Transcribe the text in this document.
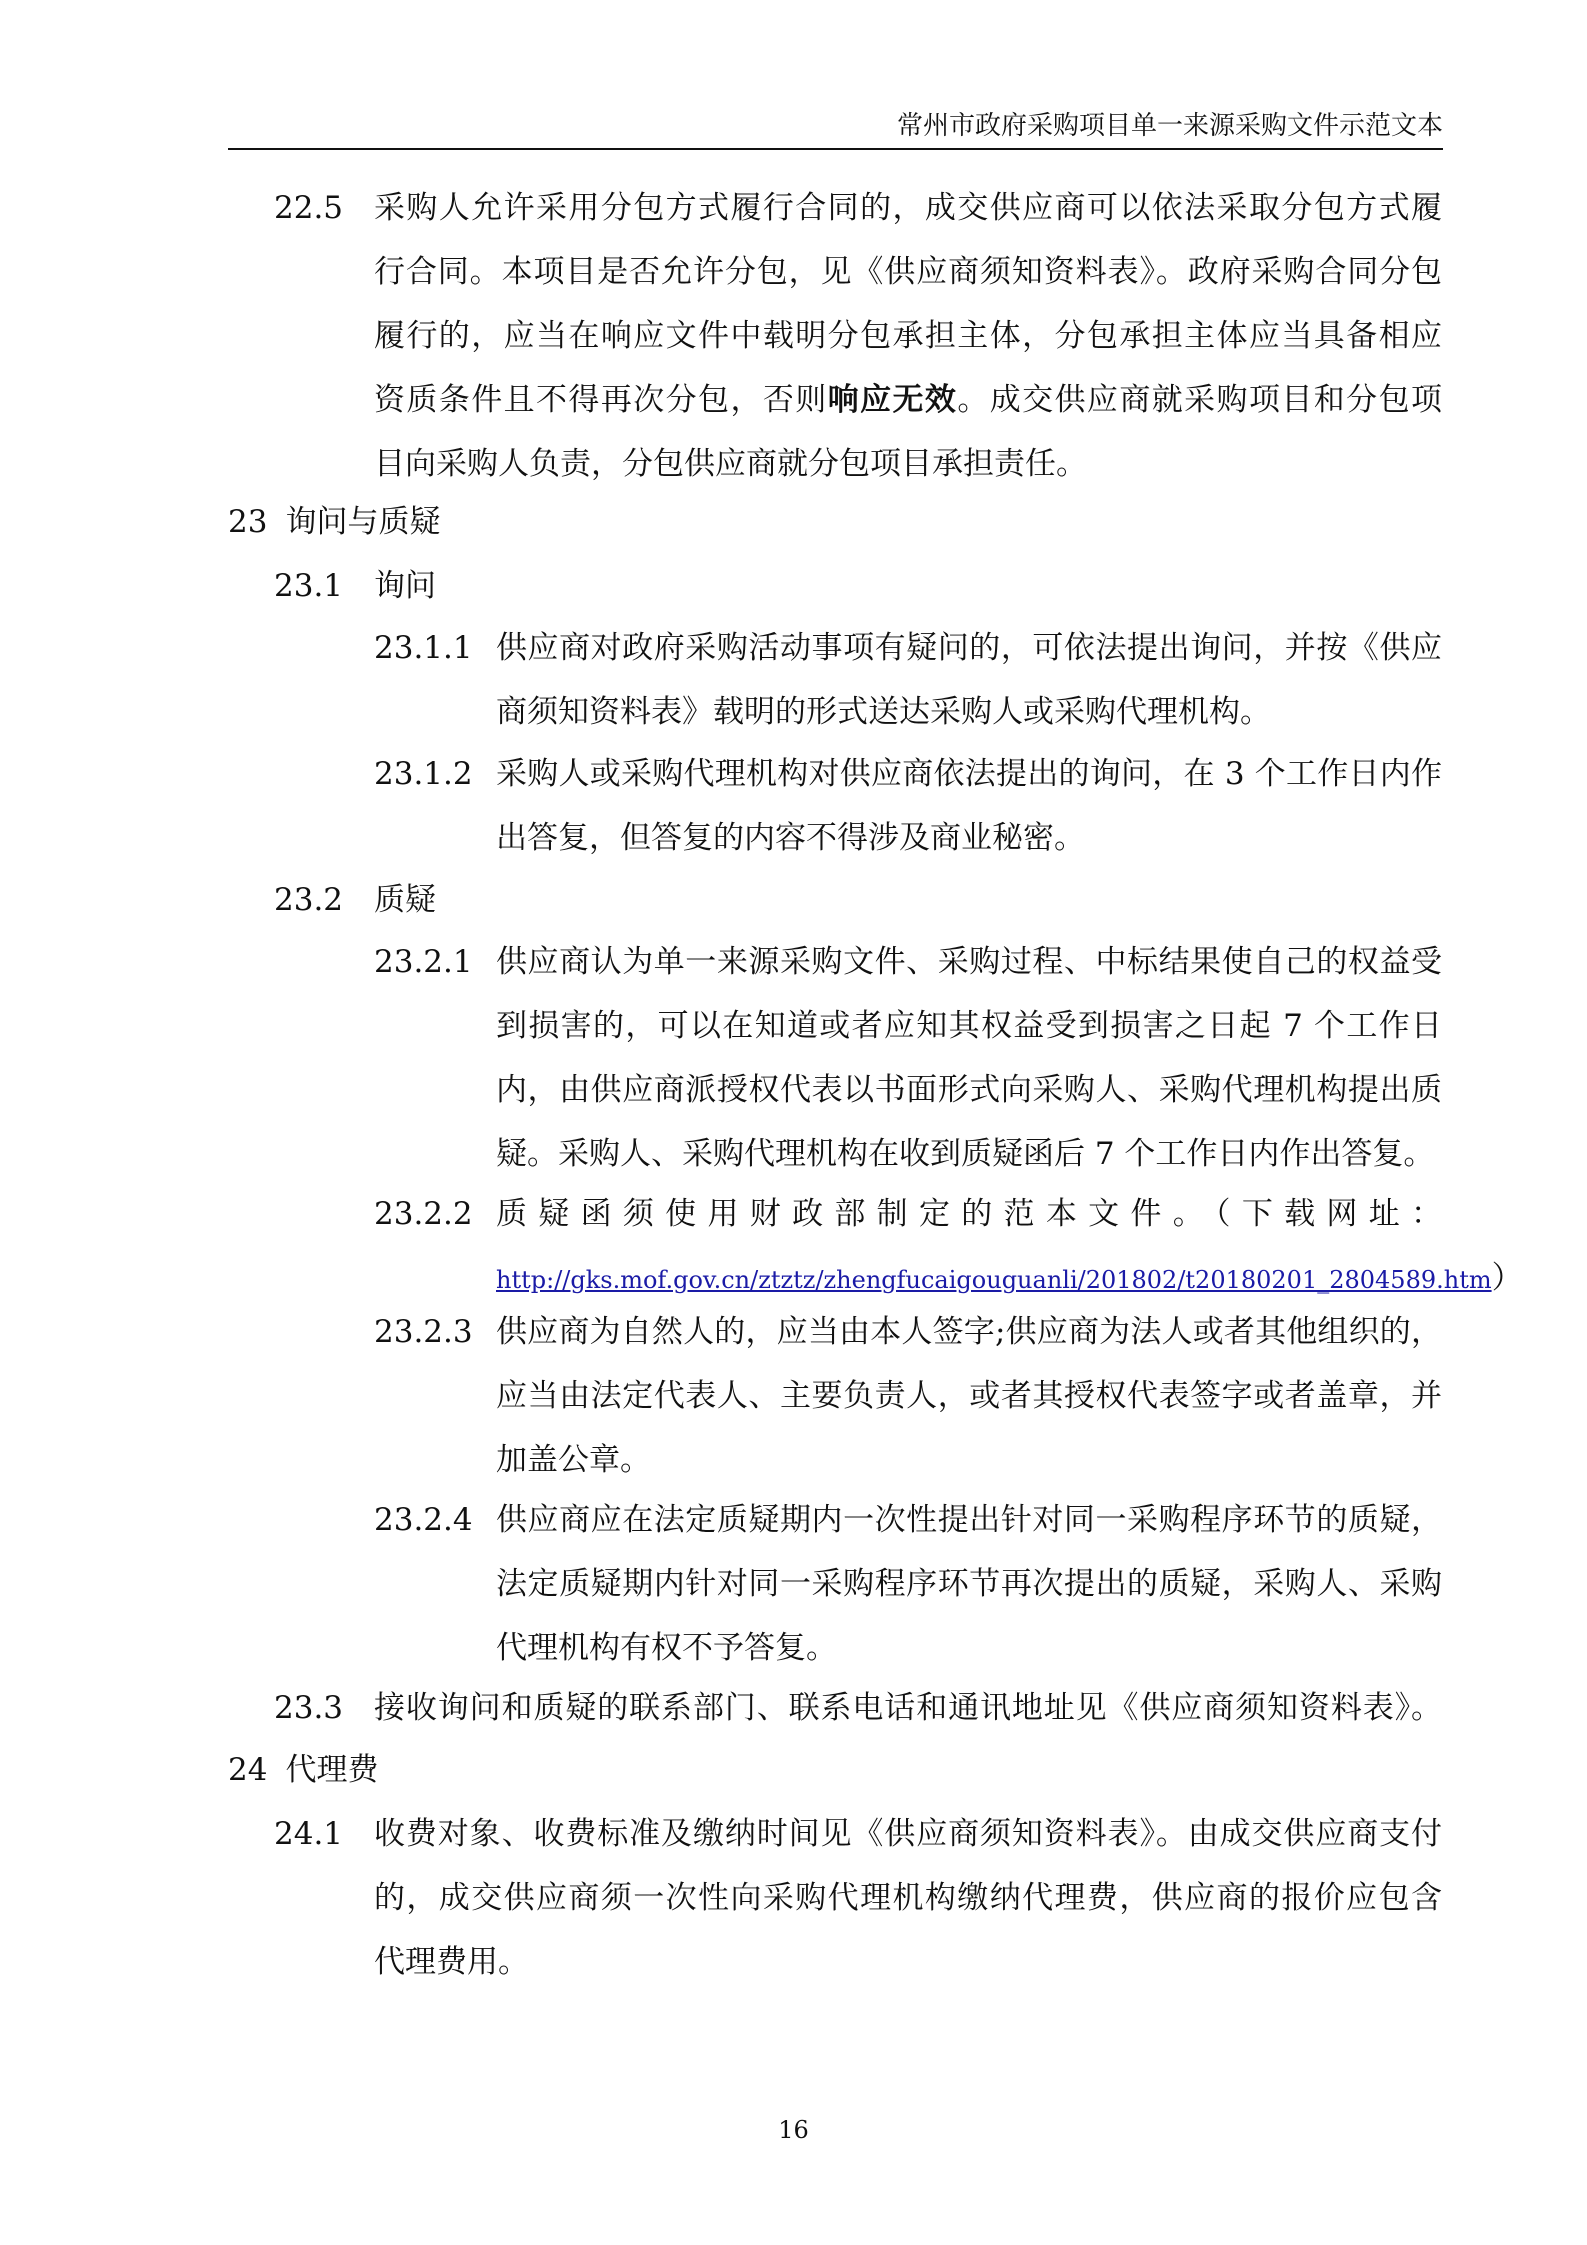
常州市政府采购项目单一来源采购文件示范文本
22.5 采购人允许采用分包方式履行合同的，成交供应商可以依法采取分包方式履
行合同。本项目是否允许分包，见《供应商须知资料表》。政府采购合同分包
履行的，应当在响应文件中载明分包承担主体，分包承担主体应当具备相应
资质条件且不得再次分包，否则响应无效。成交供应商就采购项目和分包项
目向采购人负责，分包供应商就分包项目承担责任。
23 询问与质疑
23.1 询问
23.1.1 供应商对政府采购活动事项有疑问的，可依法提出询问，并按《供应
商须知资料表》载明的形式送达采购人或采购代理机构。
23.1.2 采购人或采购代理机构对供应商依法提出的询问，在 3 个工作日内作
出答复，但答复的内容不得涉及商业秘密。
23.2 质疑
23.2.1 供应商认为单一来源采购文件、采购过程、中标结果使自己的权益受
到损害的，可以在知道或者应知其权益受到损害之日起 7 个工作日
内，由供应商派授权代表以书面形式向采购人、采购代理机构提出质
疑。采购人、采购代理机构在收到质疑函后 7 个工作日内作出答复。
23.2.2 质疑函须使用财政部制定的范本文件。（下载网址：
http://gks.mof.gov.cn/ztztz/zhengfucaigouguanli/201802/t20180201_2804589.htm）
23.2.3 供应商为自然人的，应当由本人签字;供应商为法人或者其他组织的，
应当由法定代表人、主要负责人，或者其授权代表签字或者盖章，并
加盖公章。
23.2.4 供应商应在法定质疑期内一次性提出针对同一采购程序环节的质疑，
法定质疑期内针对同一采购程序环节再次提出的质疑，采购人、采购
代理机构有权不予答复。
23.3 接收询问和质疑的联系部门、联系电话和通讯地址见《供应商须知资料表》。
24 代理费
24.1 收费对象、收费标准及缴纳时间见《供应商须知资料表》。由成交供应商支付
的，成交供应商须一次性向采购代理机构缴纳代理费，供应商的报价应包含
代理费用。
16
